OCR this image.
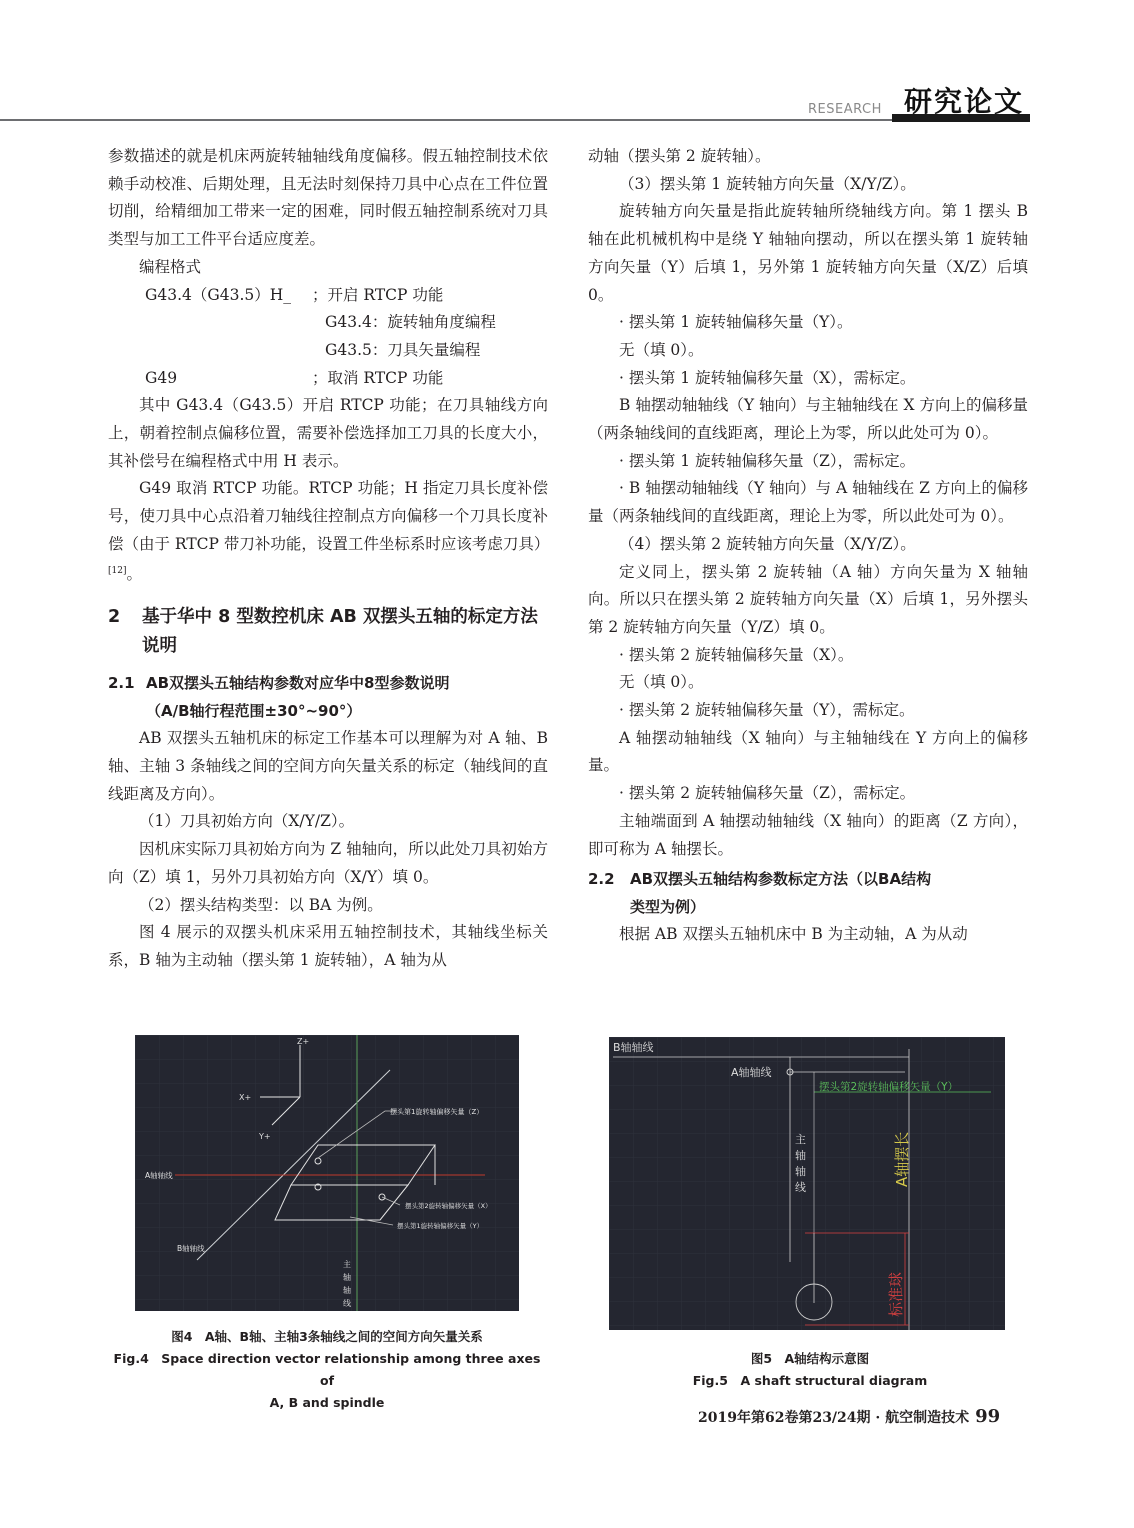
RESEARCH 研究论文

参数描述的就是机床两旋转轴轴线角度偏移。假五轴控制技术依赖手动校准、后期处理，且无法时刻保持刀具中心点在工件位置切削，给精细加工带来一定的困难，同时假五轴控制系统对刀具类型与加工工件平台适应度差。

编程格式
G43.4（G43.5）H_ ；开启 RTCP 功能
G43.4：旋转轴角度编程
G43.5：刀具矢量编程
G49	；取消 RTCP 功能

其中 G43.4（G43.5）开启 RTCP 功能；在刀具轴线方向上，朝着控制点偏移位置，需要补偿选择加工刀具的长度大小，其补偿号在编程格式中用 H 表示。

G49 取消 RTCP 功能。RTCP 功能；H 指定刀具长度补偿号，使刀具中心点沿着刀轴线往控制点方向偏移一个刀具长度补偿（由于 RTCP 带刀补功能，设置工件坐标系时应该考虑刀具）[12]。

2	基于华中 8 型数控机床 AB 双摆头五轴的标定方法说明
2.1 AB双摆头五轴结构参数对应华中8型参数说明
（A/B轴行程范围±30°~90°）

AB 双摆头五轴机床的标定工作基本可以理解为对 A 轴、B 轴、主轴 3 条轴线之间的空间方向矢量关系的标定（轴线间的直线距离及方向）。

（1）刀具初始方向（X/Y/Z）。

因机床实际刀具初始方向为 Z 轴轴向，所以此处刀具初始方向（Z）填 1，另外刀具初始方向（X/Y）填 0。

（2）摆头结构类型：以 BA 为例。

图 4 展示的双摆头机床采用五轴控制技术，其轴线坐标关系，B 轴为主动轴（摆头第 1 旋转轴），A 轴为从

动轴（摆头第 2 旋转轴）。

（3）摆头第 1 旋转轴方向矢量（X/Y/Z）。

旋转轴方向矢量是指此旋转轴所绕轴线方向。第 1 摆头 B 轴在此机械机构中是绕 Y 轴轴向摆动，所以在摆头第 1 旋转轴方向矢量（Y）后填 1，另外第 1 旋转轴方向矢量（X/Z）后填 0。

· 摆头第 1 旋转轴偏移矢量（Y）。

无（填 0）。

· 摆头第 1 旋转轴偏移矢量（X），需标定。

B 轴摆动轴轴线（Y 轴向）与主轴轴线在 X 方向上的偏移量（两条轴线间的直线距离，理论上为零，所以此处可为 0）。

· 摆头第 1 旋转轴偏移矢量（Z），需标定。

· B 轴摆动轴轴线（Y 轴向）与 A 轴轴线在 Z 方向上的偏移量（两条轴线间的直线距离，理论上为零，所以此处可为 0）。

（4）摆头第 2 旋转轴方向矢量（X/Y/Z）。

定义同上，摆头第 2 旋转轴（A 轴）方向矢量为 X 轴轴向。所以只在摆头第 2 旋转轴方向矢量（X）后填 1，另外摆头第 2 旋转轴方向矢量（Y/Z）填 0。

· 摆头第 2 旋转轴偏移矢量（X）。

无（填 0）。

· 摆头第 2 旋转轴偏移矢量（Y），需标定。

A 轴摆动轴轴线（X 轴向）与主轴轴线在 Y 方向上的偏移量。

· 摆头第 2 旋转轴偏移矢量（Z），需标定。

主轴端面到 A 轴摆动轴轴线（X 轴向）的距离（Z 方向），即可称为 A 轴摆长。

2.2	AB双摆头五轴结构参数标定方法（以BA结构
类型为例）

根据 AB 双摆头五轴机床中 B 为主动轴，A 为从动

Z+
X+
Y+
摆头第1旋转轴偏移矢量（Z）
A轴轴线
摆头第2旋转轴偏移矢量（X）
摆头第1旋转轴偏移矢量（Y）
B轴轴线
主
轴
轴
线
图4　A轴、B轴、主轴3条轴线之间的空间方向矢量关系
Fig.4　Space direction vector relationship among three axes of
A, B and spindle
B轴轴线
A轴轴线
摆头第2旋转轴偏移矢量（Y）
主
轴
轴
线
A轴摆长
标准球
图5　A轴结构示意图
Fig.5　A shaft structural diagram
2019年第62卷第23/24期 · 航空制造技术 99
